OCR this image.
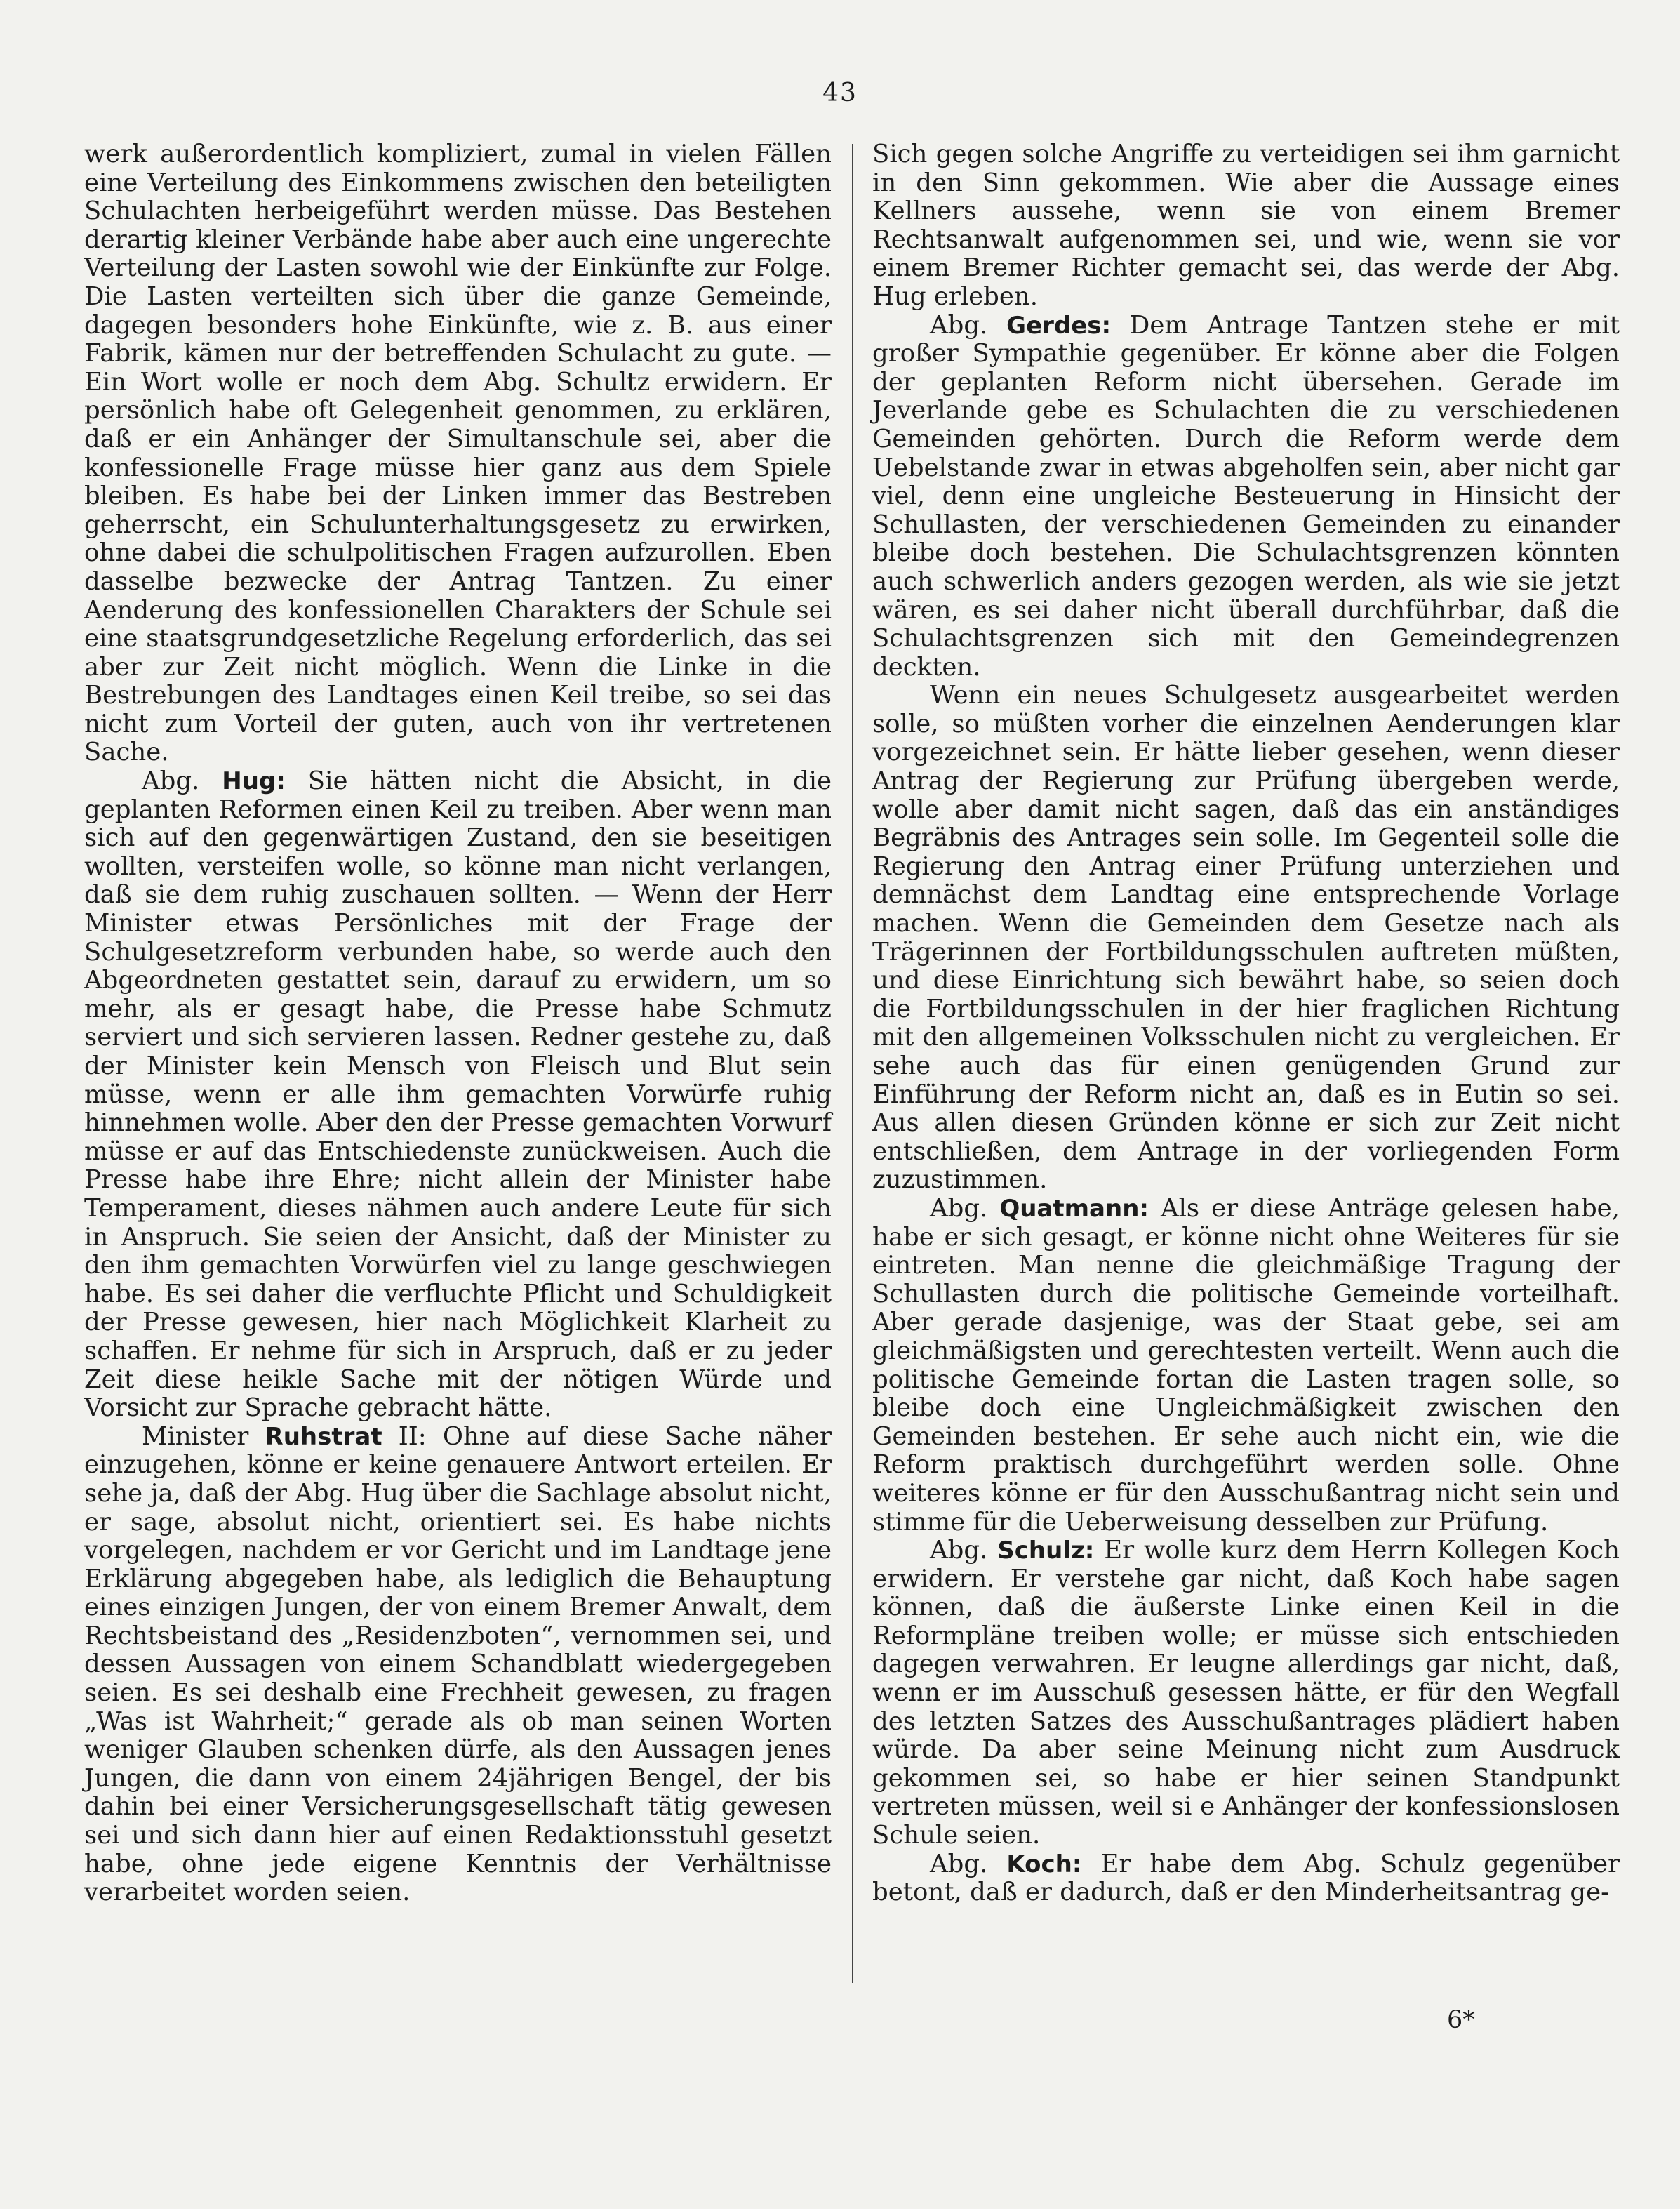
43

werk außerordentlich kompliziert, zumal in vielen Fällen eine Verteilung des Einkommens zwischen den beteiligten Schulachten herbeigeführt werden müsse. Das Bestehen derartig kleiner Verbände habe aber auch eine ungerechte Verteilung der Lasten sowohl wie der Einkünfte zur Folge. Die Lasten verteilten sich über die ganze Gemeinde, dagegen besonders hohe Einkünfte, wie z. B. aus einer Fabrik, kämen nur der betreffenden Schulacht zu gute. — Ein Wort wolle er noch dem Abg. Schultz erwidern. Er persönlich habe oft Gelegenheit genommen, zu erklären, daß er ein Anhänger der Simultanschule sei, aber die konfessionelle Frage müsse hier ganz aus dem Spiele bleiben. Es habe bei der Linken immer das Bestreben geherrscht, ein Schulunterhaltungsgesetz zu erwirken, ohne dabei die schulpolitischen Fragen aufzurollen. Eben dasselbe bezwecke der Antrag Tantzen. Zu einer Aenderung des konfessionellen Charakters der Schule sei eine staatsgrundgesetzliche Regelung erforderlich, das sei aber zur Zeit nicht möglich. Wenn die Linke in die Bestrebungen des Landtages einen Keil treibe, so sei das nicht zum Vorteil der guten, auch von ihr vertretenen Sache.

Abg. Hug: Sie hätten nicht die Absicht, in die geplanten Reformen einen Keil zu treiben. Aber wenn man sich auf den gegenwärtigen Zustand, den sie beseitigen wollten, versteifen wolle, so könne man nicht verlangen, daß sie dem ruhig zuschauen sollten. — Wenn der Herr Minister etwas Persönliches mit der Frage der Schulgesetzreform verbunden habe, so werde auch den Abgeordneten gestattet sein, darauf zu erwidern, um so mehr, als er gesagt habe, die Presse habe Schmutz serviert und sich servieren lassen. Redner gestehe zu, daß der Minister kein Mensch von Fleisch und Blut sein müsse, wenn er alle ihm gemachten Vorwürfe ruhig hinnehmen wolle. Aber den der Presse gemachten Vorwurf müsse er auf das Entschiedenste zunückweisen. Auch die Presse habe ihre Ehre; nicht allein der Minister habe Temperament, dieses nähmen auch andere Leute für sich in Anspruch. Sie seien der Ansicht, daß der Minister zu den ihm gemachten Vorwürfen viel zu lange geschwiegen habe. Es sei daher die verfluchte Pflicht und Schuldigkeit der Presse gewesen, hier nach Möglichkeit Klarheit zu schaffen. Er nehme für sich in Arspruch, daß er zu jeder Zeit diese heikle Sache mit der nötigen Würde und Vorsicht zur Sprache gebracht hätte.

Minister Ruhstrat II: Ohne auf diese Sache näher einzugehen, könne er keine genauere Antwort erteilen. Er sehe ja, daß der Abg. Hug über die Sachlage absolut nicht, er sage, absolut nicht, orientiert sei. Es habe nichts vorgelegen, nachdem er vor Gericht und im Landtage jene Erklärung abgegeben habe, als lediglich die Behauptung eines einzigen Jungen, der von einem Bremer Anwalt, dem Rechtsbeistand des „Residenzboten“, vernommen sei, und dessen Aussagen von einem Schandblatt wiedergegeben seien. Es sei deshalb eine Frechheit gewesen, zu fragen „Was ist Wahrheit;“ gerade als ob man seinen Worten weniger Glauben schenken dürfe, als den Aussagen jenes Jungen, die dann von einem 24jährigen Bengel, der bis dahin bei einer Versicherungsgesellschaft tätig gewesen sei und sich dann hier auf einen Redaktionsstuhl gesetzt habe, ohne jede eigene Kenntnis der Verhältnisse verarbeitet worden seien.

Sich gegen solche Angriffe zu verteidigen sei ihm garnicht in den Sinn gekommen. Wie aber die Aussage eines Kellners aussehe, wenn sie von einem Bremer Rechtsanwalt aufgenommen sei, und wie, wenn sie vor einem Bremer Richter gemacht sei, das werde der Abg. Hug erleben.

Abg. Gerdes: Dem Antrage Tantzen stehe er mit großer Sympathie gegenüber. Er könne aber die Folgen der geplanten Reform nicht übersehen. Gerade im Jeverlande gebe es Schulachten die zu verschiedenen Gemeinden gehörten. Durch die Reform werde dem Uebelstande zwar in etwas abgeholfen sein, aber nicht gar viel, denn eine ungleiche Besteuerung in Hinsicht der Schullasten, der verschiedenen Gemeinden zu einander bleibe doch bestehen. Die Schulachtsgrenzen könnten auch schwerlich anders gezogen werden, als wie sie jetzt wären, es sei daher nicht überall durchführbar, daß die Schulachtsgrenzen sich mit den Gemeindegrenzen deckten.

Wenn ein neues Schulgesetz ausgearbeitet werden solle, so müßten vorher die einzelnen Aenderungen klar vorgezeichnet sein. Er hätte lieber gesehen, wenn dieser Antrag der Regierung zur Prüfung übergeben werde, wolle aber damit nicht sagen, daß das ein anständiges Begräbnis des Antrages sein solle. Im Gegenteil solle die Regierung den Antrag einer Prüfung unterziehen und demnächst dem Landtag eine entsprechende Vorlage machen. Wenn die Gemeinden dem Gesetze nach als Trägerinnen der Fortbildungsschulen auftreten müßten, und diese Einrichtung sich bewährt habe, so seien doch die Fortbildungsschulen in der hier fraglichen Richtung mit den allgemeinen Volksschulen nicht zu vergleichen. Er sehe auch das für einen genügenden Grund zur Einführung der Reform nicht an, daß es in Eutin so sei. Aus allen diesen Gründen könne er sich zur Zeit nicht entschließen, dem Antrage in der vorliegenden Form zuzustimmen.

Abg. Quatmann: Als er diese Anträge gelesen habe, habe er sich gesagt, er könne nicht ohne Weiteres für sie eintreten. Man nenne die gleichmäßige Tragung der Schullasten durch die politische Gemeinde vorteilhaft. Aber gerade dasjenige, was der Staat gebe, sei am gleichmäßigsten und gerechtesten verteilt. Wenn auch die politische Gemeinde fortan die Lasten tragen solle, so bleibe doch eine Ungleichmäßigkeit zwischen den Gemeinden bestehen. Er sehe auch nicht ein, wie die Reform praktisch durchgeführt werden solle. Ohne weiteres könne er für den Ausschußantrag nicht sein und stimme für die Ueberweisung desselben zur Prüfung.

Abg. Schulz: Er wolle kurz dem Herrn Kollegen Koch erwidern. Er verstehe gar nicht, daß Koch habe sagen können, daß die äußerste Linke einen Keil in die Reformpläne treiben wolle; er müsse sich entschieden dagegen verwahren. Er leugne allerdings gar nicht, daß, wenn er im Ausschuß gesessen hätte, er für den Wegfall des letzten Satzes des Ausschußantrages plädiert haben würde. Da aber seine Meinung nicht zum Ausdruck gekommen sei, so habe er hier seinen Standpunkt vertreten müssen, weil si e Anhänger der konfessionslosen Schule seien.

Abg. Koch: Er habe dem Abg. Schulz gegenüber betont, daß er dadurch, daß er den Minderheitsantrag ge-

6*
